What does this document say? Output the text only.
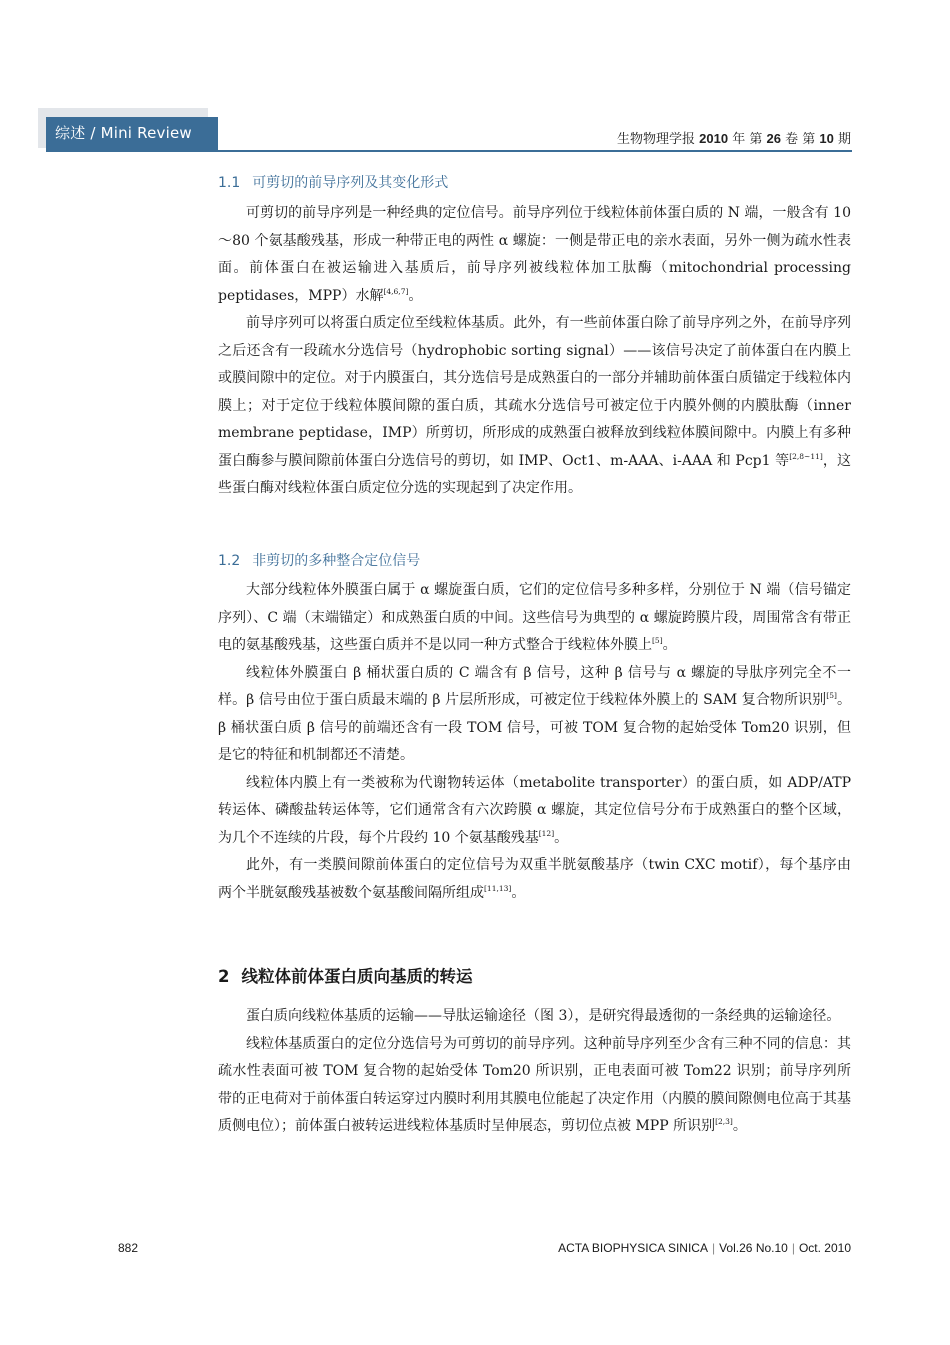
综述 / Mini Review	生物物理学报 2010 年 第 26 卷 第 10 期
1.1 可剪切的前导序列及其变化形式

可剪切的前导序列是一种经典的定位信号。前导序列位于线粒体前体蛋白质的 N 端，一般含有 10～80 个氨基酸残基，形成一种带正电的两性 α 螺旋：一侧是带正电的亲水表面，另外一侧为疏水性表面。前体蛋白在被运输进入基质后，前导序列被线粒体加工肽酶（mitochondrial processing peptidases，MPP）水解[4,6,7]。

前导序列可以将蛋白质定位至线粒体基质。此外，有一些前体蛋白除了前导序列之外，在前导序列之后还含有一段疏水分选信号（hydrophobic sorting signal）——该信号决定了前体蛋白在内膜上或膜间隙中的定位。对于内膜蛋白，其分选信号是成熟蛋白的一部分并辅助前体蛋白质锚定于线粒体内膜上；对于定位于线粒体膜间隙的蛋白质，其疏水分选信号可被定位于内膜外侧的内膜肽酶（inner membrane peptidase，IMP）所剪切，所形成的成熟蛋白被释放到线粒体膜间隙中。内膜上有多种蛋白酶参与膜间隙前体蛋白分选信号的剪切，如 IMP、Oct1、m-AAA、i-AAA 和 Pcp1 等[2,8~11]，这些蛋白酶对线粒体蛋白质定位分选的实现起到了决定作用。

1.2 非剪切的多种整合定位信号

大部分线粒体外膜蛋白属于 α 螺旋蛋白质，它们的定位信号多种多样，分别位于 N 端（信号锚定序列）、C 端（末端锚定）和成熟蛋白质的中间。这些信号为典型的 α 螺旋跨膜片段，周围常含有带正电的氨基酸残基，这些蛋白质并不是以同一种方式整合于线粒体外膜上[5]。

线粒体外膜蛋白 β 桶状蛋白质的 C 端含有 β 信号，这种 β 信号与 α 螺旋的导肽序列完全不一样。β 信号由位于蛋白质最末端的 β 片层所形成，可被定位于线粒体外膜上的 SAM 复合物所识别[5]。β 桶状蛋白质 β 信号的前端还含有一段 TOM 信号，可被 TOM 复合物的起始受体 Tom20 识别，但是它的特征和机制都还不清楚。

线粒体内膜上有一类被称为代谢物转运体（metabolite transporter）的蛋白质，如 ADP/ATP 转运体、磷酸盐转运体等，它们通常含有六次跨膜 α 螺旋，其定位信号分布于成熟蛋白的整个区域，为几个不连续的片段，每个片段约 10 个氨基酸残基[12]。

此外，有一类膜间隙前体蛋白的定位信号为双重半胱氨酸基序（twin CXC motif），每个基序由两个半胱氨酸残基被数个氨基酸间隔所组成[11,13]。

2 线粒体前体蛋白质向基质的转运

蛋白质向线粒体基质的运输——导肽运输途径（图 3），是研究得最透彻的一条经典的运输途径。

线粒体基质蛋白的定位分选信号为可剪切的前导序列。这种前导序列至少含有三种不同的信息：其疏水性表面可被 TOM 复合物的起始受体 Tom20 所识别，正电表面可被 Tom22 识别；前导序列所带的正电荷对于前体蛋白转运穿过内膜时利用其膜电位能起了决定作用（内膜的膜间隙侧电位高于其基质侧电位）；前体蛋白被转运进线粒体基质时呈伸展态，剪切位点被 MPP 所识别[2,3]。

882	ACTA BIOPHYSICA SINICA | Vol.26 No.10 | Oct. 2010
